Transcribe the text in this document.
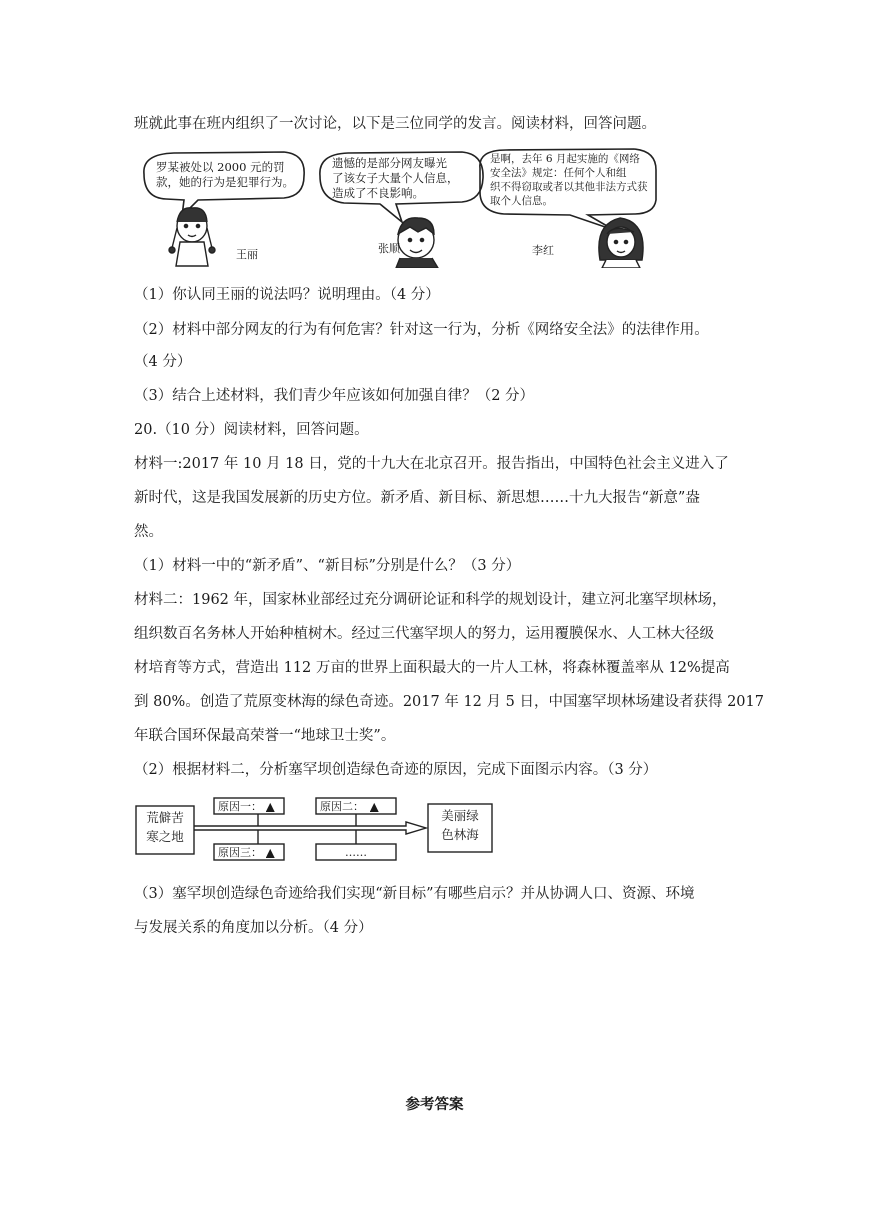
班就此事在班内组织了一次讨论，以下是三位同学的发言。阅读材料，回答问题。
罗某被处以 2000 元的罚
款，她的行为是犯罪行为。
遗憾的是部分网友曝光
了该女子大量个人信息，
造成了不良影响。
是啊，去年 6 月起实施的《网络
安全法》规定：任何个人和组
织不得窃取或者以其他非法方式获
取个人信息。
王丽	张顺	李红
（1）你认同王丽的说法吗？说明理由。（4 分）
（2）材料中部分网友的行为有何危害？针对这一行为，分析《网络安全法》的法律作用。
（4 分）
（3）结合上述材料，我们青少年应该如何加强自律？（2 分）
20.（10 分）阅读材料，回答问题。
材料一:2017 年 10 月 18 日，党的十九大在北京召开。报告指出，中国特色社会主义进入了
新时代，这是我国发展新的历史方位。新矛盾、新目标、新思想……十九大报告“新意”盎
然。
（1）材料一中的“新矛盾”、“新目标”分别是什么？（3 分）
材料二：1962 年，国家林业部经过充分调研论证和科学的规划设计，建立河北塞罕坝林场，
组织数百名务林人开始种植树木。经过三代塞罕坝人的努力，运用覆膜保水、人工林大径级
材培育等方式，营造出 112 万亩的世界上面积最大的一片人工林，将森林覆盖率从 12%提高
到 80%。创造了荒原变林海的绿色奇迹。2017 年 12 月 5 日，中国塞罕坝林场建设者获得 2017
年联合国环保最高荣誉一“地球卫士奖”。
（2）根据材料二，分析塞罕坝创造绿色奇迹的原因，完成下面图示内容。（3 分）
荒僻苦
寒之地
美丽绿
色林海
原因一： ▲	原因二： ▲
原因三： ▲	……
（3）塞罕坝创造绿色奇迹给我们实现“新目标”有哪些启示？并从协调人口、资源、环境
与发展关系的角度加以分析。（4 分）
参考答案
